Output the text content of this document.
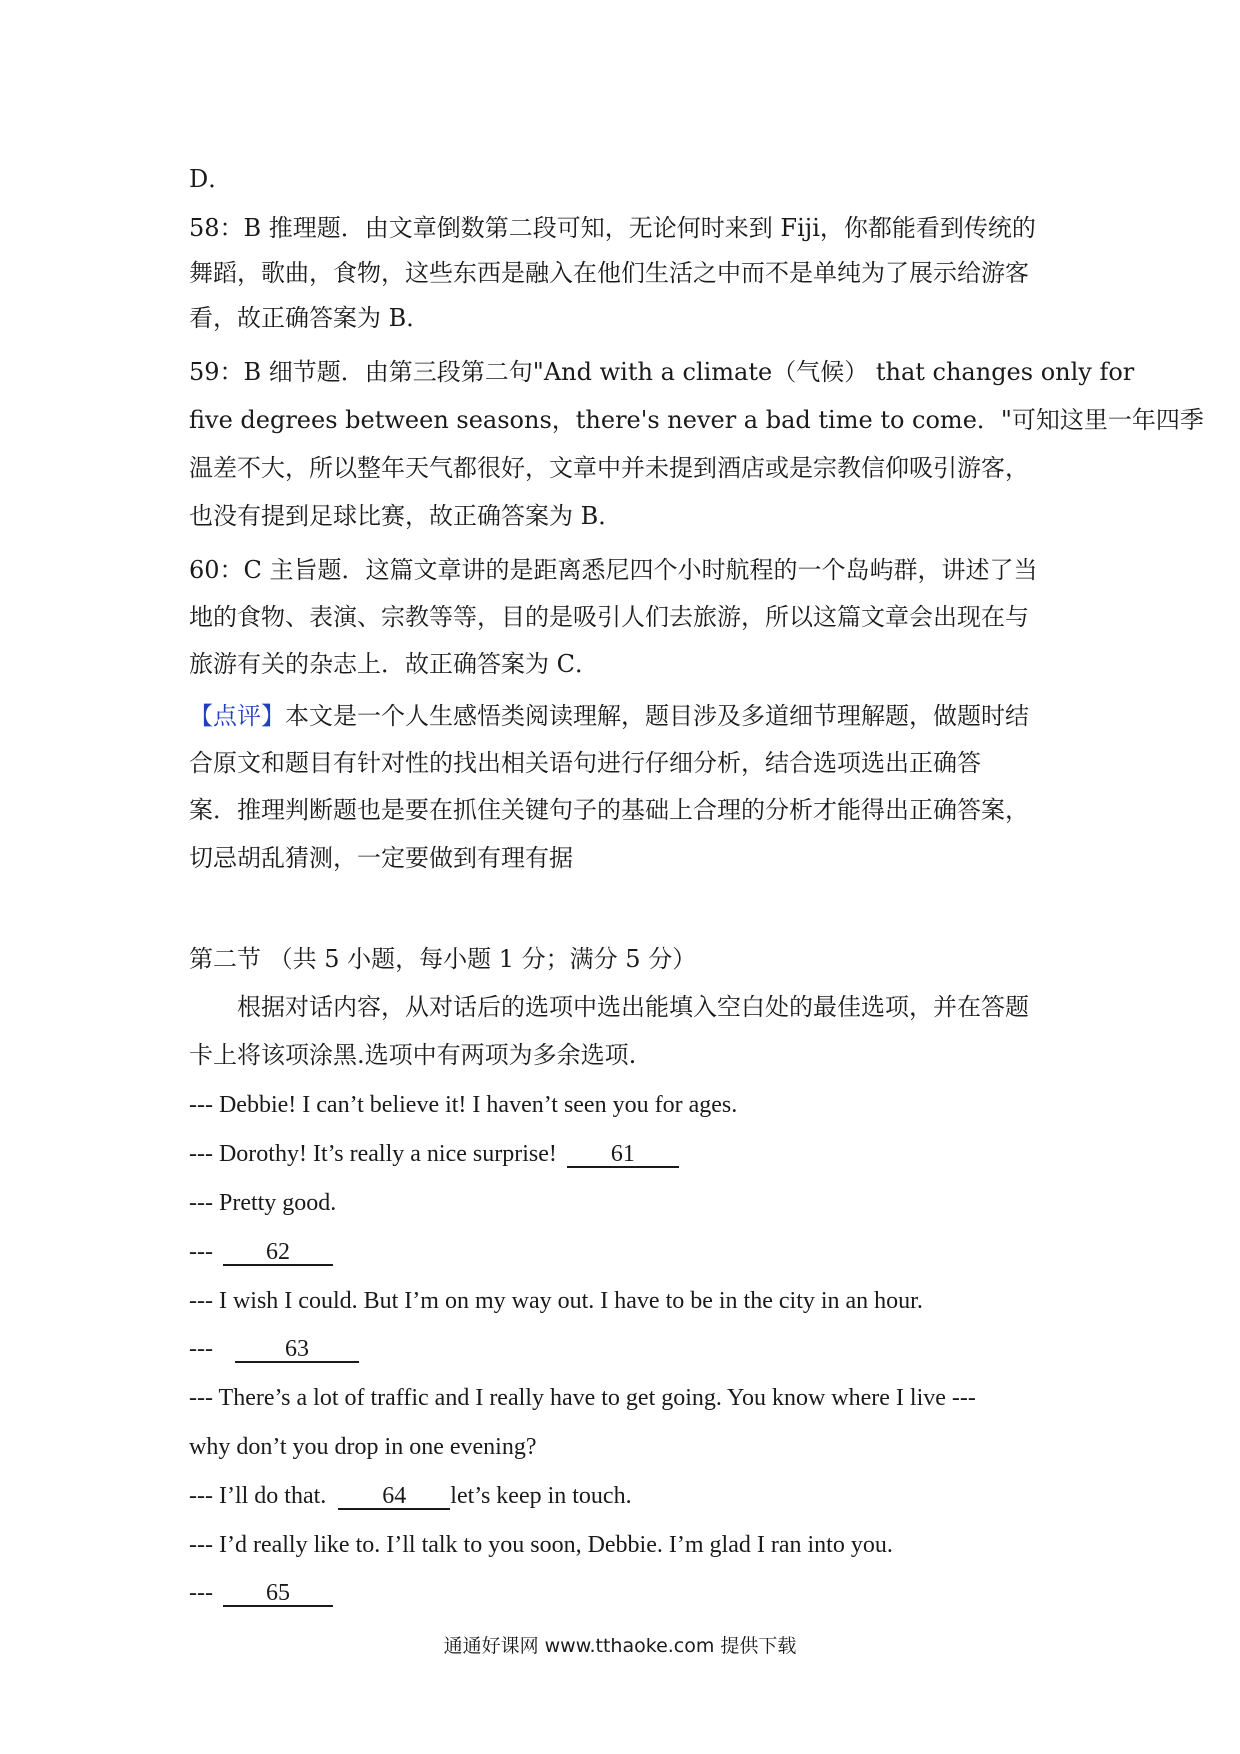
D．
58：B 推理题．由文章倒数第二段可知，无论何时来到 Fiji，你都能看到传统的
舞蹈，歌曲，食物，这些东西是融入在他们生活之中而不是单纯为了展示给游客
看，故正确答案为 B．
59：B 细节题．由第三段第二句"And with a climate（气候） that changes only for
five degrees between seasons，there's never a bad time to come．"可知这里一年四季
温差不大，所以整年天气都很好，文章中并未提到酒店或是宗教信仰吸引游客，
也没有提到足球比赛，故正确答案为 B．
60：C 主旨题．这篇文章讲的是距离悉尼四个小时航程的一个岛屿群，讲述了当
地的食物、表演、宗教等等，目的是吸引人们去旅游，所以这篇文章会出现在与
旅游有关的杂志上．故正确答案为 C．
【点评】本文是一个人生感悟类阅读理解，题目涉及多道细节理解题，做题时结
合原文和题目有针对性的找出相关语句进行仔细分析，结合选项选出正确答
案．推理判断题也是要在抓住关键句子的基础上合理的分析才能得出正确答案，
切忌胡乱猜测，一定要做到有理有据
第二节 （共 5 小题，每小题 1 分；满分 5 分）
根据对话内容，从对话后的选项中选出能填入空白处的最佳选项，并在答题
卡上将该项涂黑.选项中有两项为多余选项.
--- Debbie! I can’t believe it! I haven’t seen you for ages.
--- Dorothy! It’s really a nice surprise! 61
--- Pretty good.
--- 62
--- I wish I could. But I’m on my way out. I have to be in the city in an hour.
---	63
--- There’s a lot of traffic and I really have to get going. You know where I live ---
why don’t you drop in one evening?
--- I’ll do that. 64 let’s keep in touch.
--- I’d really like to. I’ll talk to you soon, Debbie. I’m glad I ran into you.
--- 65
通通好课网 www.tthaoke.com 提供下载
